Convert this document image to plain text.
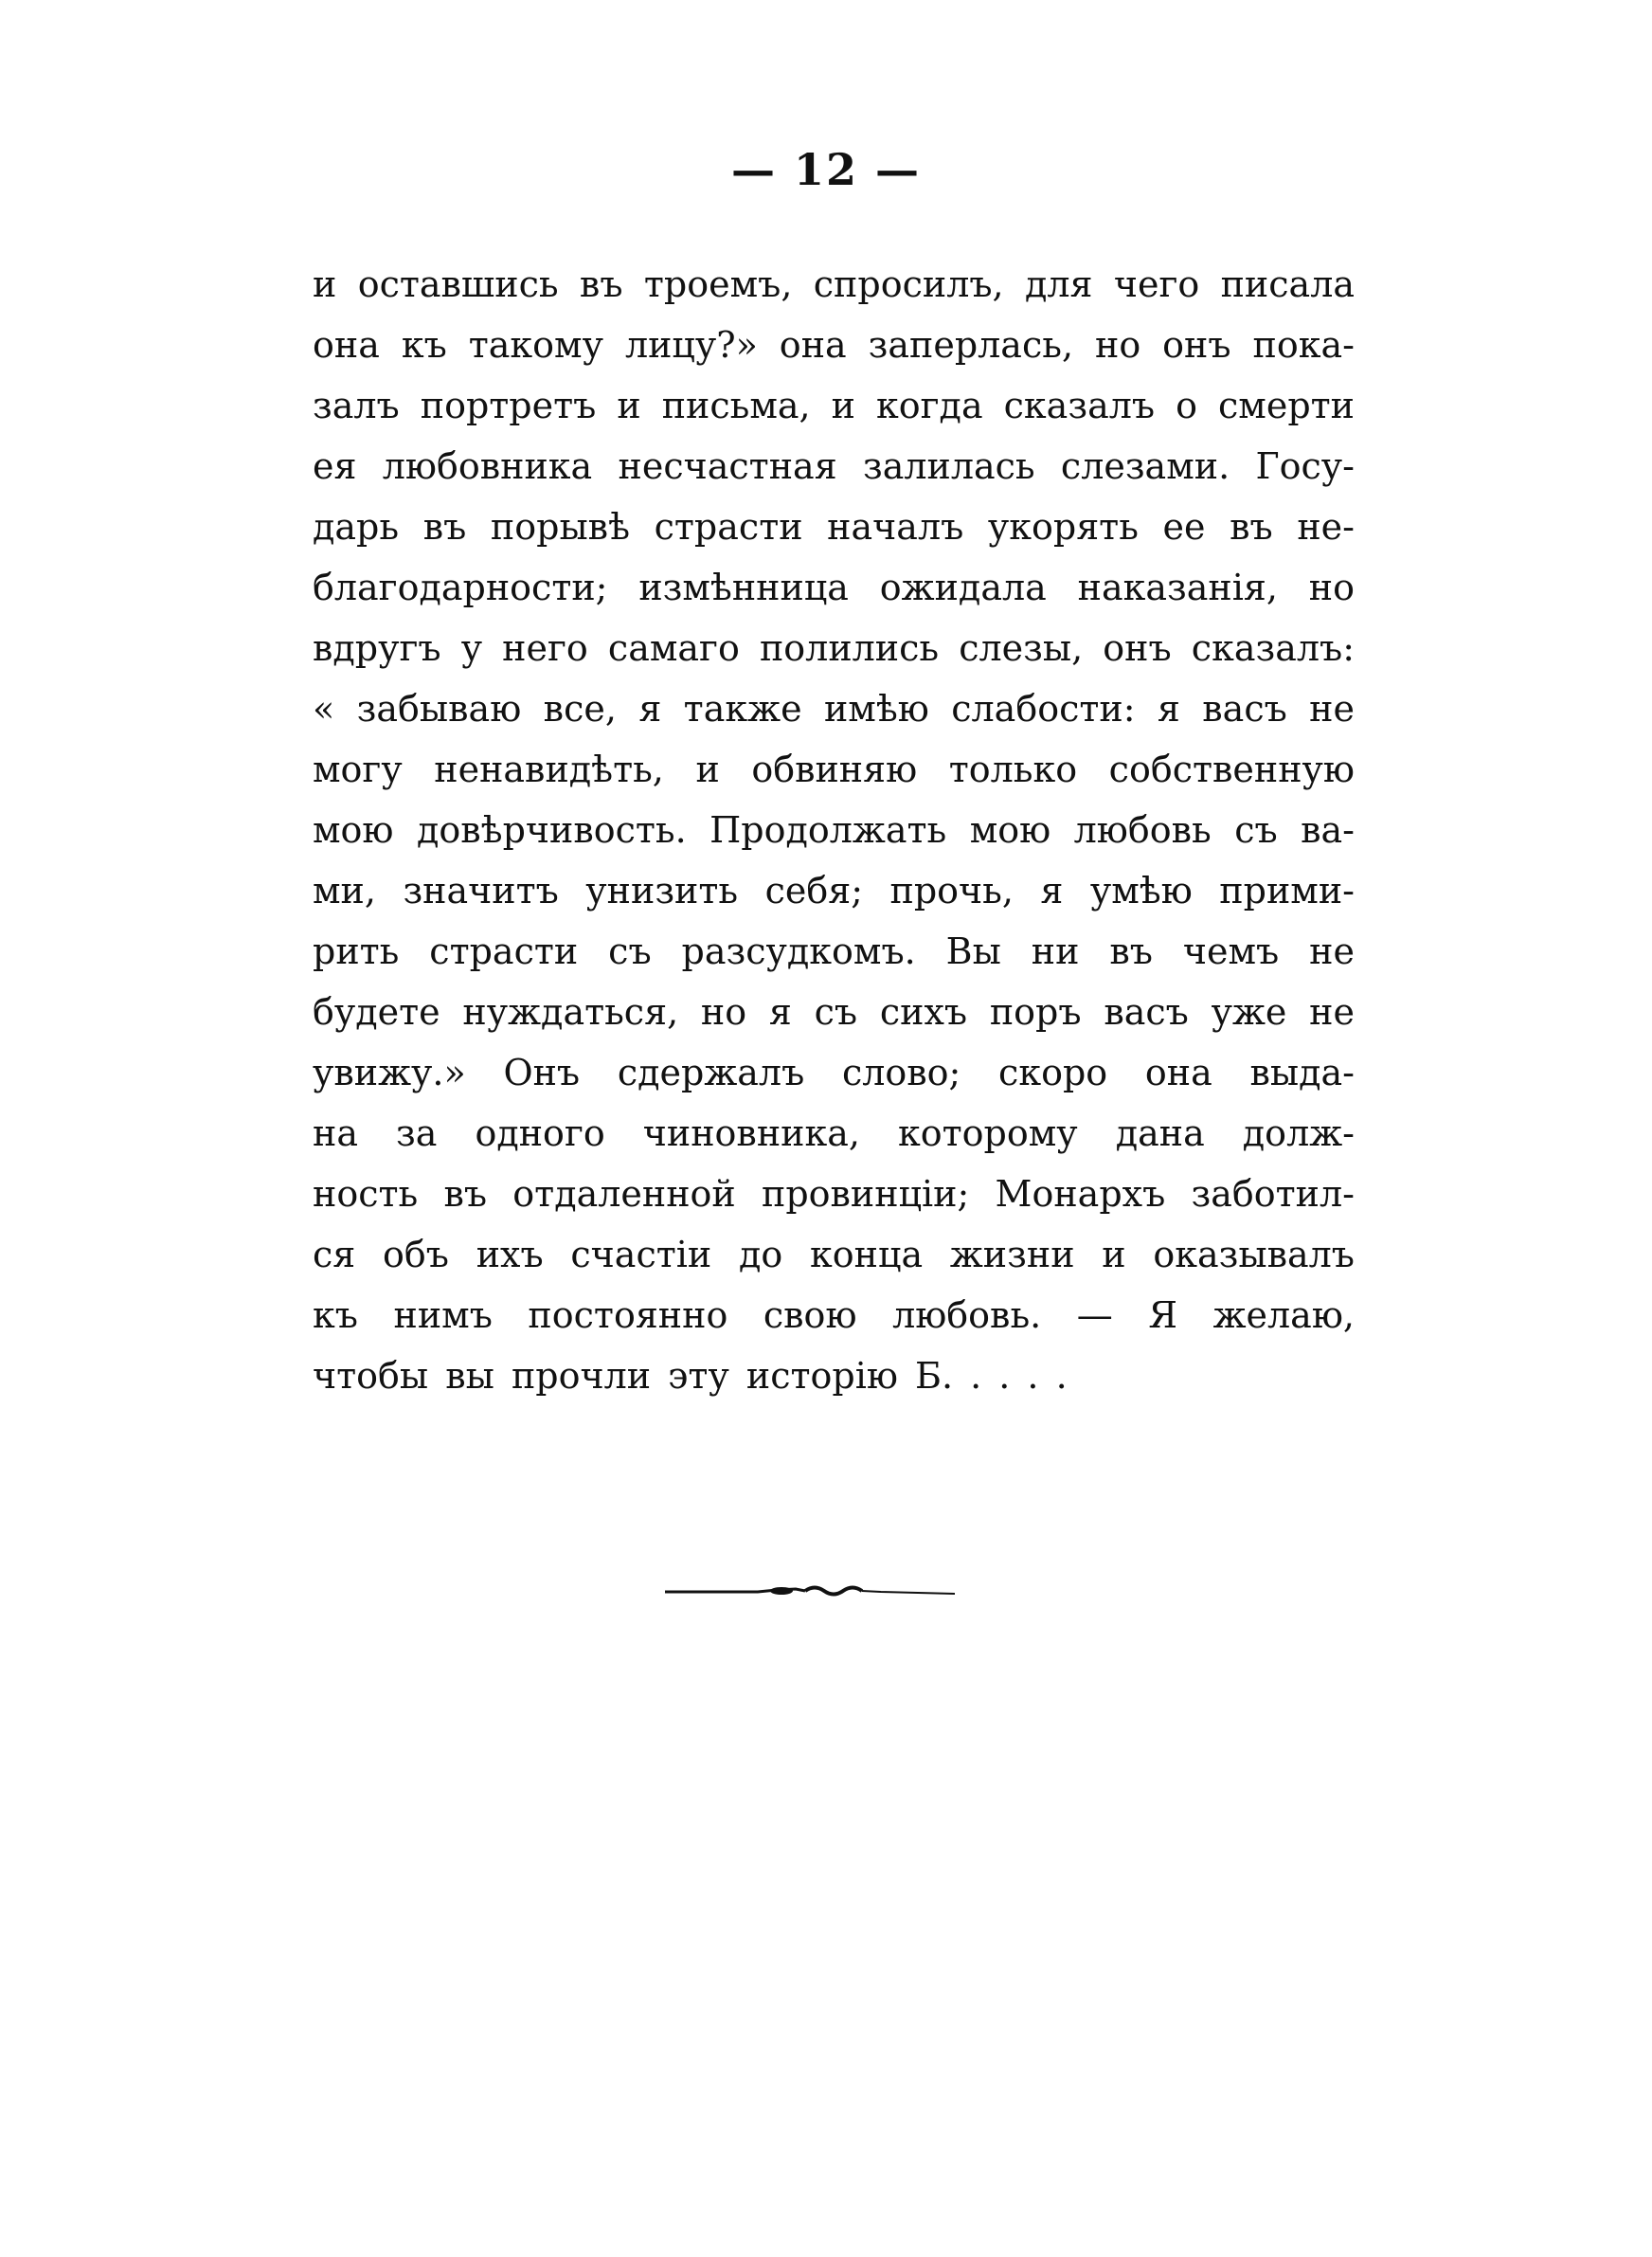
— 12 —
и оставшись въ троемъ, спросилъ, для чего писала
она къ такому лицу?» она заперлась, но онъ пока-
залъ портретъ и письма, и когда сказалъ о смерти
ея любовника несчастная залилась слезами. Госу-
дарь въ порывѣ страсти началъ укорять ее въ не-
благодарности; измѣнница ожидала наказанія, но
вдругъ у него самаго полились слезы, онъ сказалъ:
« забываю все, я также имѣю слабости: я васъ не
могу ненавидѣть, и обвиняю только собственную
мою довѣрчивость. Продолжать мою любовь съ ва-
ми, значитъ унизить себя; прочь, я умѣю прими-
рить страсти съ разсудкомъ. Вы ни въ чемъ не
будете нуждаться, но я съ сихъ поръ васъ уже не
увижу.» Онъ сдержалъ слово; скоро она выда-
на за одного чиновника, которому дана долж-
ность въ отдаленной провинціи; Монархъ заботил-
ся объ ихъ счастіи до конца жизни и оказывалъ
къ нимъ постоянно свою любовь. — Я желаю,
чтобы вы прочли эту исторію Б. . . . .
